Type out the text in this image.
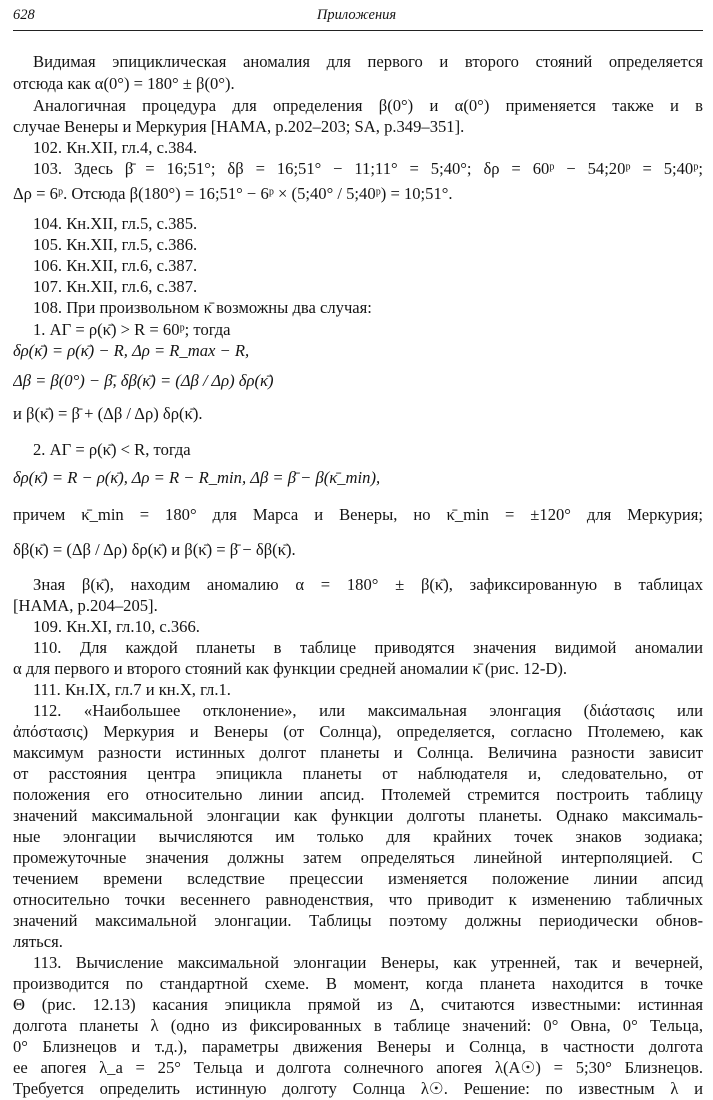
628	Приложения
Видимая эпициклическая аномалия для первого и второго стояний определяется
отсюда как α(0°) = 180° ± β(0°).
Аналогичная процедура для определения β(0°) и α(0°) применяется также и в
случае Венеры и Меркурия [HAMA, p.202–203; SA, p.349–351].
102. Кн.XII, гл.4, с.384.
103. Здесь β̄ = 16;51°; δβ = 16;51° − 11;11° = 5;40°; δρ = 60ᵖ − 54;20ᵖ = 5;40ᵖ;
Δρ = 6ᵖ. Отсюда β(180°) = 16;51° − 6ᵖ × (5;40° / 5;40ᵖ) = 10;51°.
104. Кн.XII, гл.5, с.385.
105. Кн.XII, гл.5, с.386.
106. Кн.XII, гл.6, с.387.
107. Кн.XII, гл.6, с.387.
108. При произвольном κ̄ возможны два случая:
1. АГ = ρ(κ̄) > R = 60ᵖ; тогда
δρ(κ̄) = ρ(κ̄) − R, Δρ = R_max − R,
Δβ = β(0°) − β̄, δβ(κ̄) = (Δβ / Δρ) δρ(κ̄)
и β(κ̄) = β̄ + (Δβ / Δρ) δρ(κ̄).
2. АГ = ρ(κ̄) < R, тогда
δρ(κ̄) = R − ρ(κ̄), Δρ = R − R_min, Δβ = β̄ − β(κ̄_min),
причем κ̄_min = 180° для Марса и Венеры, но κ̄_min = ±120° для Меркурия;
δβ(κ̄) = (Δβ / Δρ) δρ(κ̄) и β(κ̄) = β̄ − δβ(κ̄).
Зная β(κ̄), находим аномалию α = 180° ± β(κ̄), зафиксированную в таблицах
[HAMA, p.204–205].
109. Кн.XI, гл.10, с.366.
110. Для каждой планеты в таблице приводятся значения видимой аномалии
α для первого и второго стояний как функции средней аномалии κ̄ (рис. 12-D).
111. Кн.IX, гл.7 и кн.X, гл.1.
112. «Наибольшее отклонение», или максимальная элонгация (διάστασις или
ἀπόστασις) Меркурия и Венеры (от Солнца), определяется, согласно Птолемею, как
максимум разности истинных долгот планеты и Солнца. Величина разности зависит
от расстояния центра эпицикла планеты от наблюдателя и, следовательно, от
положения его относительно линии апсид. Птолемей стремится построить таблицу
значений максимальной элонгации как функции долготы планеты. Однако максималь-
ные элонгации вычисляются им только для крайних точек знаков зодиака;
промежуточные значения должны затем определяться линейной интерполяцией. С
течением времени вследствие прецессии изменяется положение линии апсид
относительно точки весеннего равноденствия, что приводит к изменению табличных
значений максимальной элонгации. Таблицы поэтому должны периодически обнов-
ляться.
113. Вычисление максимальной элонгации Венеры, как утренней, так и вечерней,
производится по стандартной схеме. В момент, когда планета находится в точке
Θ (рис. 12.13) касания эпицикла прямой из Δ, считаются известными: истинная
долгота планеты λ (одно из фиксированных в таблице значений: 0° Овна, 0° Тельца,
0° Близнецов и т.д.), параметры движения Венеры и Солнца, в частности долгота
ее апогея λ_a = 25° Тельца и долгота солнечного апогея λ(A☉) = 5;30° Близнецов.
Требуется определить истинную долготу Солнца λ☉. Решение: по известным λ и
